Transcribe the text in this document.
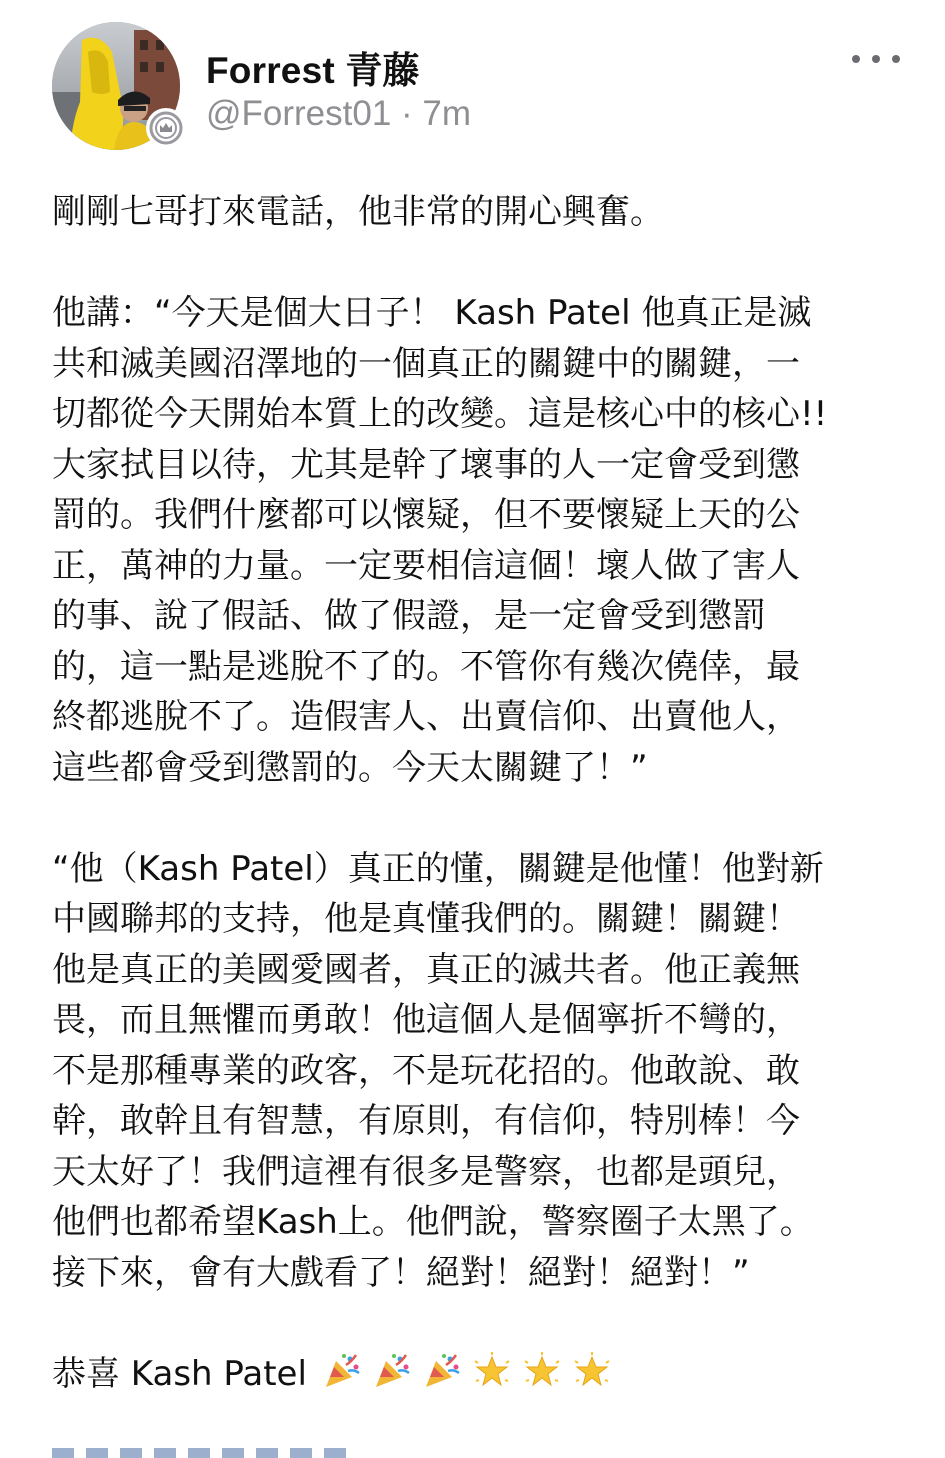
Forrest 青藤
@Forrest01 · 7m

剛剛七哥打來電話，他非常的開心興奮。

他講：“今天是個大日子！ Kash Patel 他真正是滅

共和滅美國沼澤地的一個真正的關鍵中的關鍵，一

切都從今天開始本質上的改變。這是核心中的核心!!

大家拭目以待，尤其是幹了壞事的人一定會受到懲

罰的。我們什麼都可以懷疑，但不要懷疑上天的公

正，萬神的力量。一定要相信這個！壞人做了害人

的事、說了假話、做了假證，是一定會受到懲罰

的，這一點是逃脫不了的。不管你有幾次僥倖，最

終都逃脫不了。造假害人、出賣信仰、出賣他人，

這些都會受到懲罰的。今天太關鍵了！”

“他（Kash Patel）真正的懂，關鍵是他懂！他對新

中國聯邦的支持，他是真懂我們的。關鍵！關鍵！

他是真正的美國愛國者，真正的滅共者。他正義無

畏，而且無懼而勇敢！他這個人是個寧折不彎的，

不是那種專業的政客，不是玩花招的。他敢說、敢

幹，敢幹且有智慧，有原則，有信仰，特別棒！今

天太好了！我們這裡有很多是警察，也都是頭兒，

他們也都希望Kash上。他們說，警察圈子太黑了。

接下來，會有大戲看了！絕對！絕對！絕對！”

恭喜 Kash Patel
